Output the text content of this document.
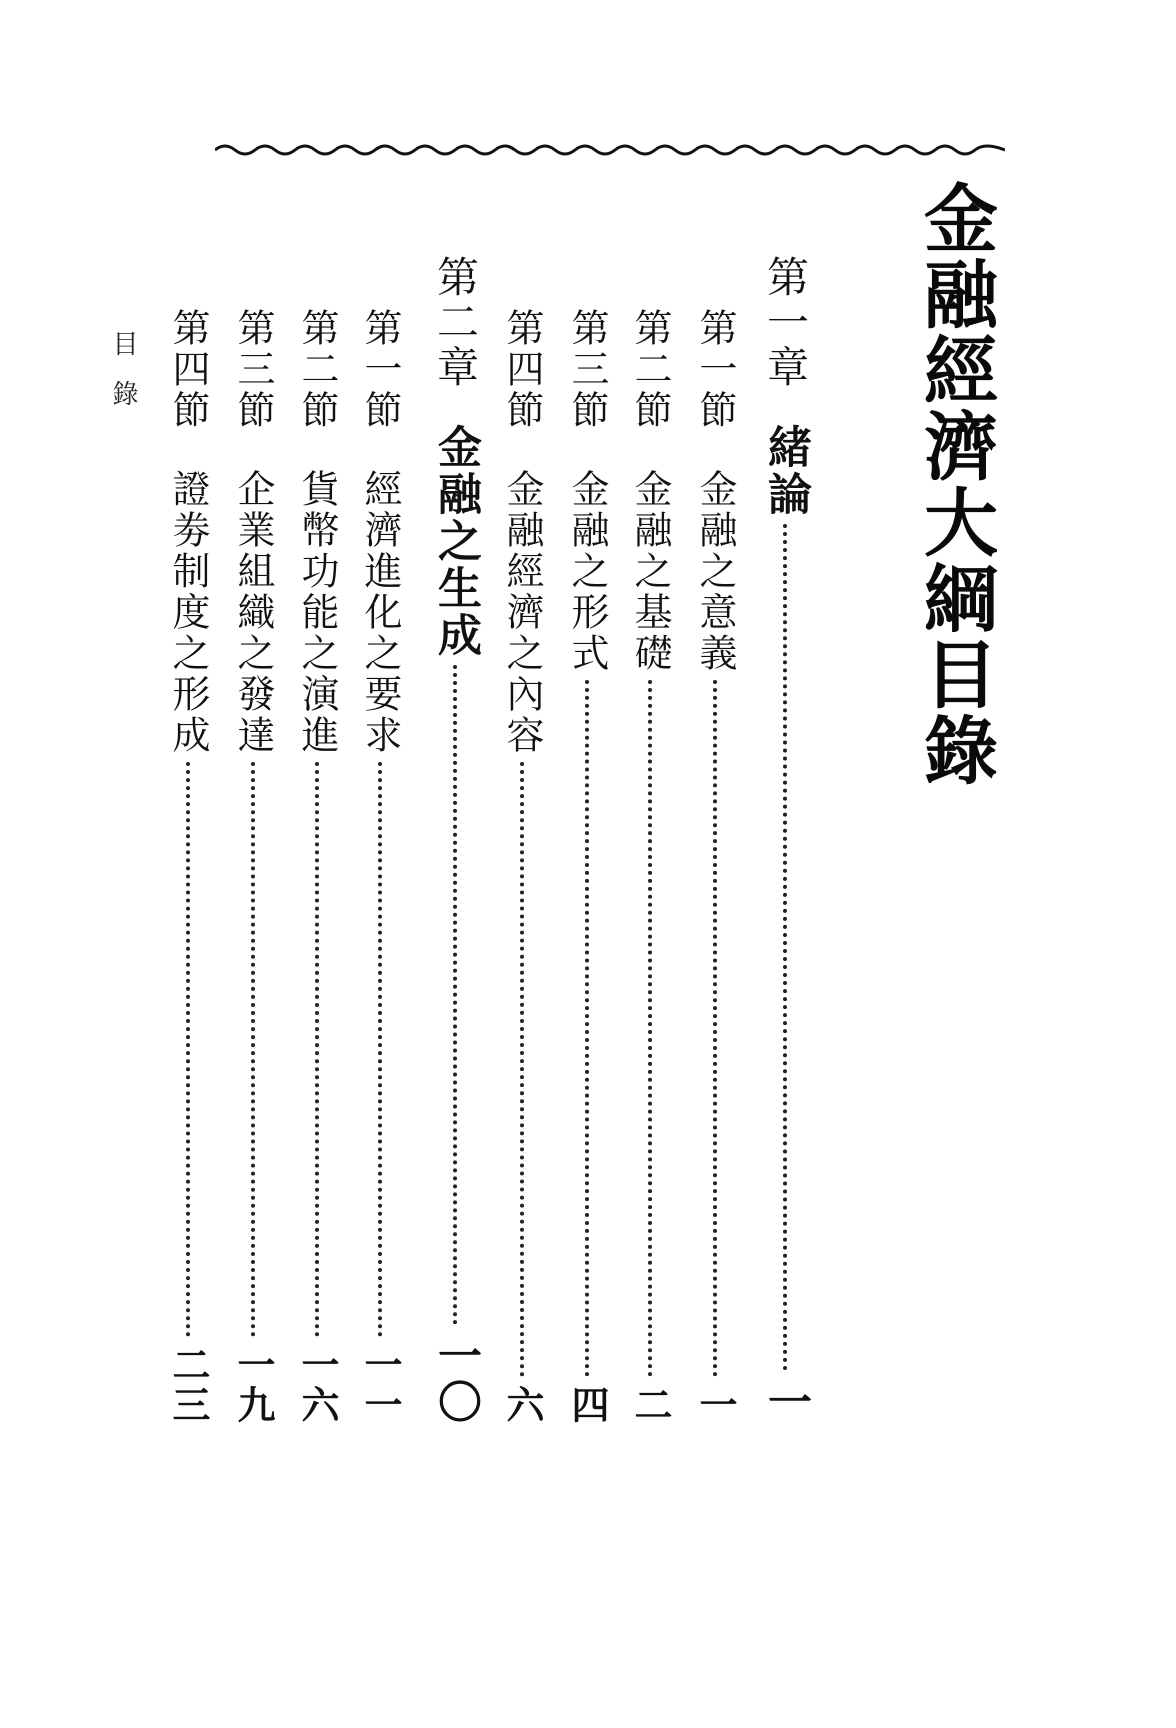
金融經濟大綱目錄
第一章
緒論
一
第一節
金融之意義
一
第二節
金融之基礎
二
第三節
金融之形式
四
第四節
金融經濟之內容
六
第二章
金融之生成
一〇
第一節
經濟進化之要求
一一
第二節
貨幣功能之演進
一六
第三節
企業組織之發達
一九
第四節
證劵制度之形成
二三
目錄
